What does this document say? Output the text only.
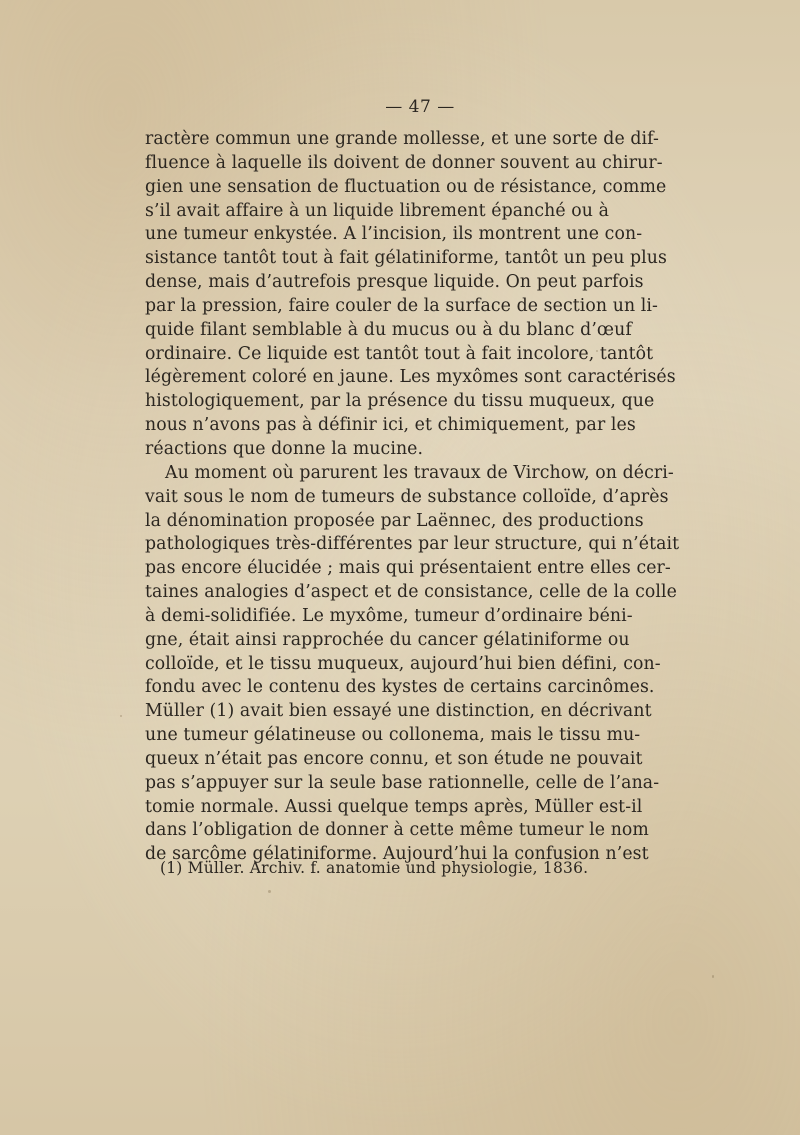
— 47 —
ractère commun une grande mollesse, et une sorte de dif-
fluence à laquelle ils doivent de donner souvent au chirur-
gien une sensation de fluctuation ou de résistance, comme
s’il avait affaire à un liquide librement épanché ou à
une tumeur enkystée. A l’incision, ils montrent une con-
sistance tantôt tout à fait gélatiniforme, tantôt un peu plus
dense, mais d’autrefois presque liquide. On peut parfois
par la pression, faire couler de la surface de section un li-
quide filant semblable à du mucus ou à du blanc d’œuf
ordinaire. Ce liquide est tantôt tout à fait incolore, tantôt
légèrement coloré en jaune. Les myxômes sont caractérisés
histologiquement, par la présence du tissu muqueux, que
nous n’avons pas à définir ici, et chimiquement, par les
réactions que donne la mucine.
Au moment où parurent les travaux de Virchow, on décri-
vait sous le nom de tumeurs de substance colloïde, d’après
la dénomination proposée par Laënnec, des productions
pathologiques très-différentes par leur structure, qui n’était
pas encore élucidée ; mais qui présentaient entre elles cer-
taines analogies d’aspect et de consistance, celle de la colle
à demi-solidifiée. Le myxôme, tumeur d’ordinaire béni-
gne, était ainsi rapprochée du cancer gélatiniforme ou
colloïde, et le tissu muqueux, aujourd’hui bien défini, con-
fondu avec le contenu des kystes de certains carcinômes.
Müller (1) avait bien essayé une distinction, en décrivant
une tumeur gélatineuse ou collonema, mais le tissu mu-
queux n’était pas encore connu, et son étude ne pouvait
pas s’appuyer sur la seule base rationnelle, celle de l’ana-
tomie normale. Aussi quelque temps après, Müller est-il
dans l’obligation de donner à cette même tumeur le nom
de sarcôme gélatiniforme. Aujourd’hui la confusion n’est
(1) Müller. Archiv. f. anatomie und physiologie, 1836.
